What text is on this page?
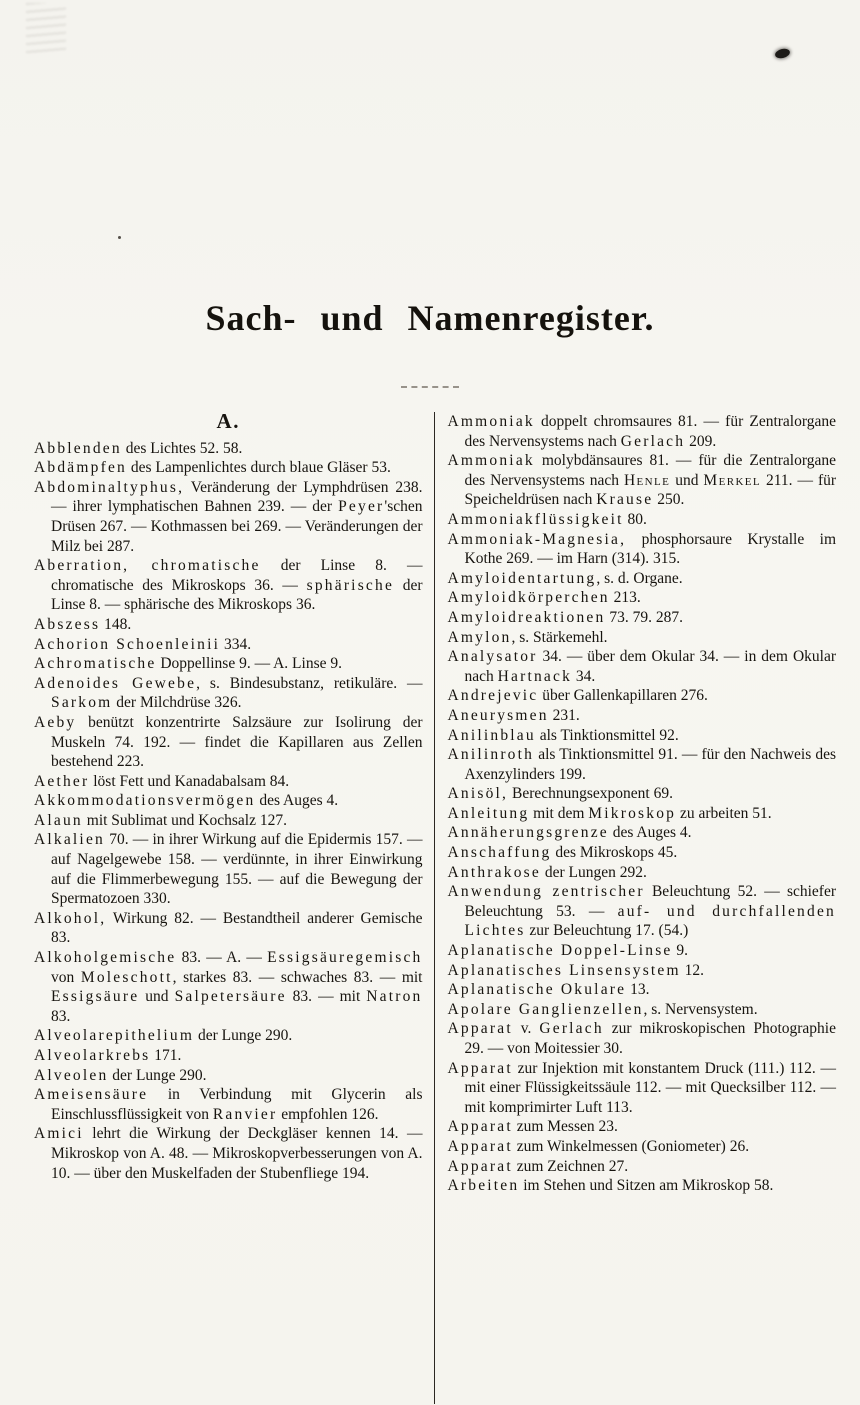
Sach- und Namenregister.
A.

Abblenden des Lichtes 52. 58.

Abdämpfen des Lampenlichtes durch blaue Gläser 53.

Abdominaltyphus, Veränderung der Lymphdrüsen 238. — ihrer lymphatischen Bahnen 239. — der Peyer'schen Drüsen 267. — Kothmassen bei 269. — Veränderungen der Milz bei 287.

Aberration, chromatische der Linse 8. — chromatische des Mikroskops 36. — sphärische der Linse 8. — sphärische des Mikroskops 36.

Abszess 148.

Achorion Schoenleinii 334.

Achromatische Doppellinse 9. — A. Linse 9.

Adenoides Gewebe, s. Bindesubstanz, retikuläre. — Sarkom der Milchdrüse 326.

Aeby benützt konzentrirte Salzsäure zur Isolirung der Muskeln 74. 192. — findet die Kapillaren aus Zellen bestehend 223.

Aether löst Fett und Kanadabalsam 84.

Akkommodationsvermögen des Auges 4.

Alaun mit Sublimat und Kochsalz 127.

Alkalien 70. — in ihrer Wirkung auf die Epidermis 157. — auf Nagelgewebe 158. — verdünnte, in ihrer Einwirkung auf die Flimmerbewegung 155. — auf die Bewegung der Spermatozoen 330.

Alkohol, Wirkung 82. — Bestandtheil anderer Gemische 83.

Alkoholgemische 83. — A. — Essigsäuregemisch von Moleschott, starkes 83. — schwaches 83. — mit Essigsäure und Salpetersäure 83. — mit Natron 83.

Alveolarepithelium der Lunge 290.

Alveolarkrebs 171.

Alveolen der Lunge 290.

Ameisensäure in Verbindung mit Glycerin als Einschlussflüssigkeit von Ranvier empfohlen 126.

Amici lehrt die Wirkung der Deckgläser kennen 14. — Mikroskop von A. 48. — Mikroskopverbesserungen von A. 10. — über den Muskelfaden der Stubenfliege 194.

Ammoniak doppelt chromsaures 81. — für Zentralorgane des Nervensystems nach Gerlach 209.

Ammoniak molybdänsaures 81. — für die Zentralorgane des Nervensystems nach Henle und Merkel 211. — für Speicheldrüsen nach Krause 250.

Ammoniakflüssigkeit 80.

Ammoniak-Magnesia, phosphorsaure Krystalle im Kothe 269. — im Harn (314). 315.

Amyloidentartung, s. d. Organe.

Amyloidkörperchen 213.

Amyloidreaktionen 73. 79. 287.

Amylon, s. Stärkemehl.

Analysator 34. — über dem Okular 34. — in dem Okular nach Hartnack 34.

Andrejevic über Gallenkapillaren 276.

Aneurysmen 231.

Anilinblau als Tinktionsmittel 92.

Anilinroth als Tinktionsmittel 91. — für den Nachweis des Axenzylinders 199.

Anisöl, Berechnungsexponent 69.

Anleitung mit dem Mikroskop zu arbeiten 51.

Annäherungsgrenze des Auges 4.

Anschaffung des Mikroskops 45.

Anthrakose der Lungen 292.

Anwendung zentrischer Beleuchtung 52. — schiefer Beleuchtung 53. — auf- und durchfallenden Lichtes zur Beleuchtung 17. (54.)

Aplanatische Doppel-Linse 9.

Aplanatisches Linsensystem 12.

Aplanatische Okulare 13.

Apolare Ganglienzellen, s. Nervensystem.

Apparat v. Gerlach zur mikroskopischen Photographie 29. — von Moitessier 30.

Apparat zur Injektion mit konstantem Druck (111.) 112. — mit einer Flüssigkeitssäule 112. — mit Quecksilber 112. — mit komprimirter Luft 113.

Apparat zum Messen 23.

Apparat zum Winkelmessen (Goniometer) 26.

Apparat zum Zeichnen 27.

Arbeiten im Stehen und Sitzen am Mikroskop 58.
